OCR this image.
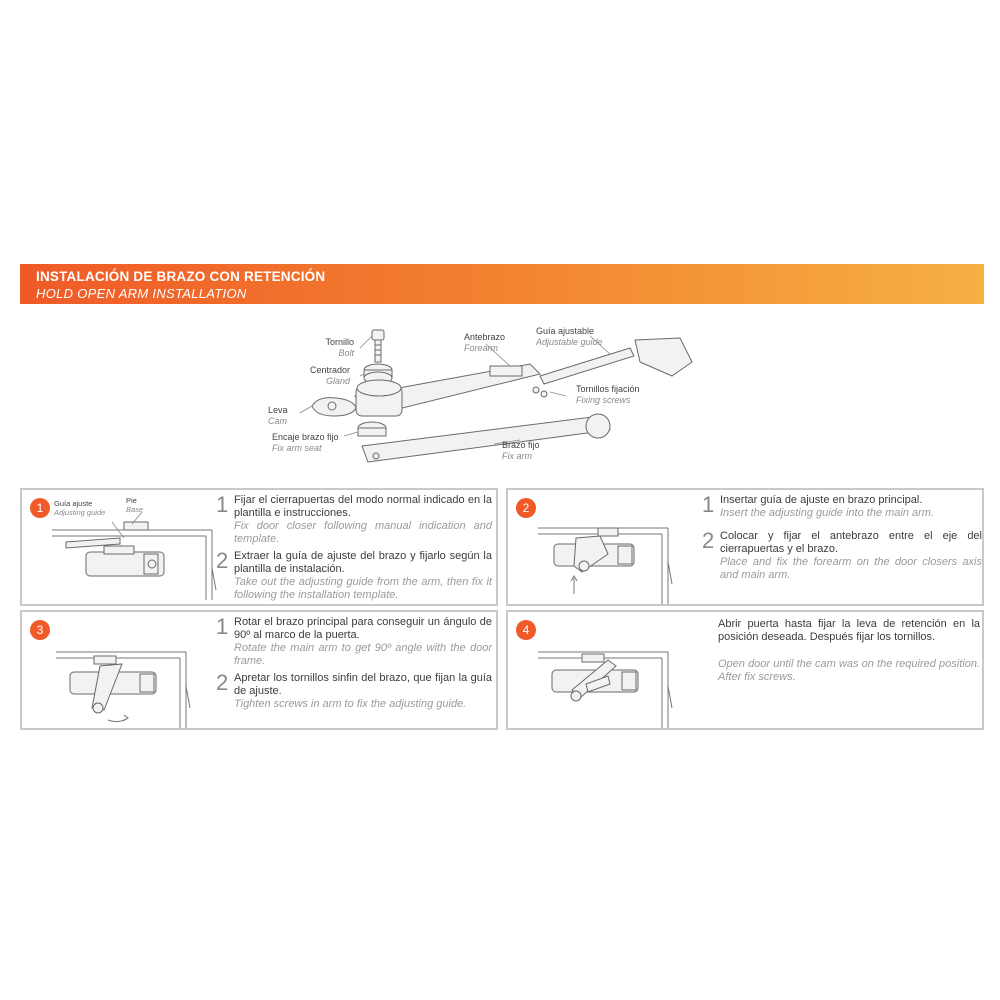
INSTALACIÓN DE BRAZO CON RETENCIÓN
HOLD OPEN ARM INSTALLATION
Tornillo
Bolt
Centrador
Gland
Leva
Cam
Encaje brazo fijo
Fix arm seat
Antebrazo
Forearm
Guía ajustable
Adjustable guide
Tornillos fijación
Fixing screws
Brazo fijo
Fix arm
1	Guía ajuste
Adjusting guide
Pie
Base	1 Fijar el cierrapuertas del modo normal indicado en la plantilla e instrucciones.
Fix door closer following manual indication and template.
2 Extraer la guía de ajuste del brazo y fijarlo según la plantilla de instalación.
Take out the adjusting guide from the arm, then fix it following the installation template.
2	1 Insertar guía de ajuste en brazo principal.
Insert the adjusting guide into the main arm.
2 Colocar y fijar el antebrazo entre el eje del cierrapuertas y el brazo.
Place and fix the forearm on the door closers axis and main arm.
3	1 Rotar el brazo principal para conseguir un ángulo de 90º al marco de la puerta.
Rotate the main arm to get 90º angle with the door frame.
2 Apretar los tornillos sinfin del brazo, que fijan la guía de ajuste.
Tighten screws in arm to fix the adjusting guide.
4	Abrir puerta hasta fijar la leva de retención en la posición deseada. Después fijar los tornillos.
Open door until the cam was on the required position. After fix screws.
